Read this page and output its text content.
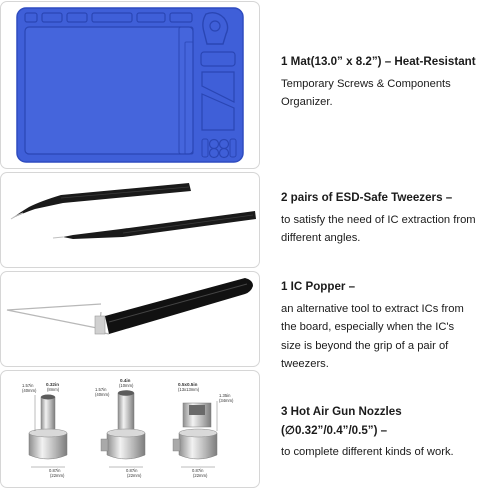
1 Mat(13.0” x 8.2”) – Heat-Resistant
Temporary Screws & Components Organizer.
2 pairs of ESD-Safe Tweezers –
to satisfy the need of IC extraction from different angles.
1 IC Popper –
an alternative tool to extract ICs from the board, especially when the IC's size is beyond the grip of a pair of tweezers.
0.32in
(8mm)
1.57in
(40mm)
0.87in
(22mm)
0.4in
(10mm)
1.57in
(40mm)
0.87in
(22mm)
0.5x0.5in
(13x13mm)
1.35in
(34mm)
0.87in
(22mm)
3 Hot Air Gun Nozzles (∅0.32”/0.4”/0.5”) –
to complete different kinds of work.
